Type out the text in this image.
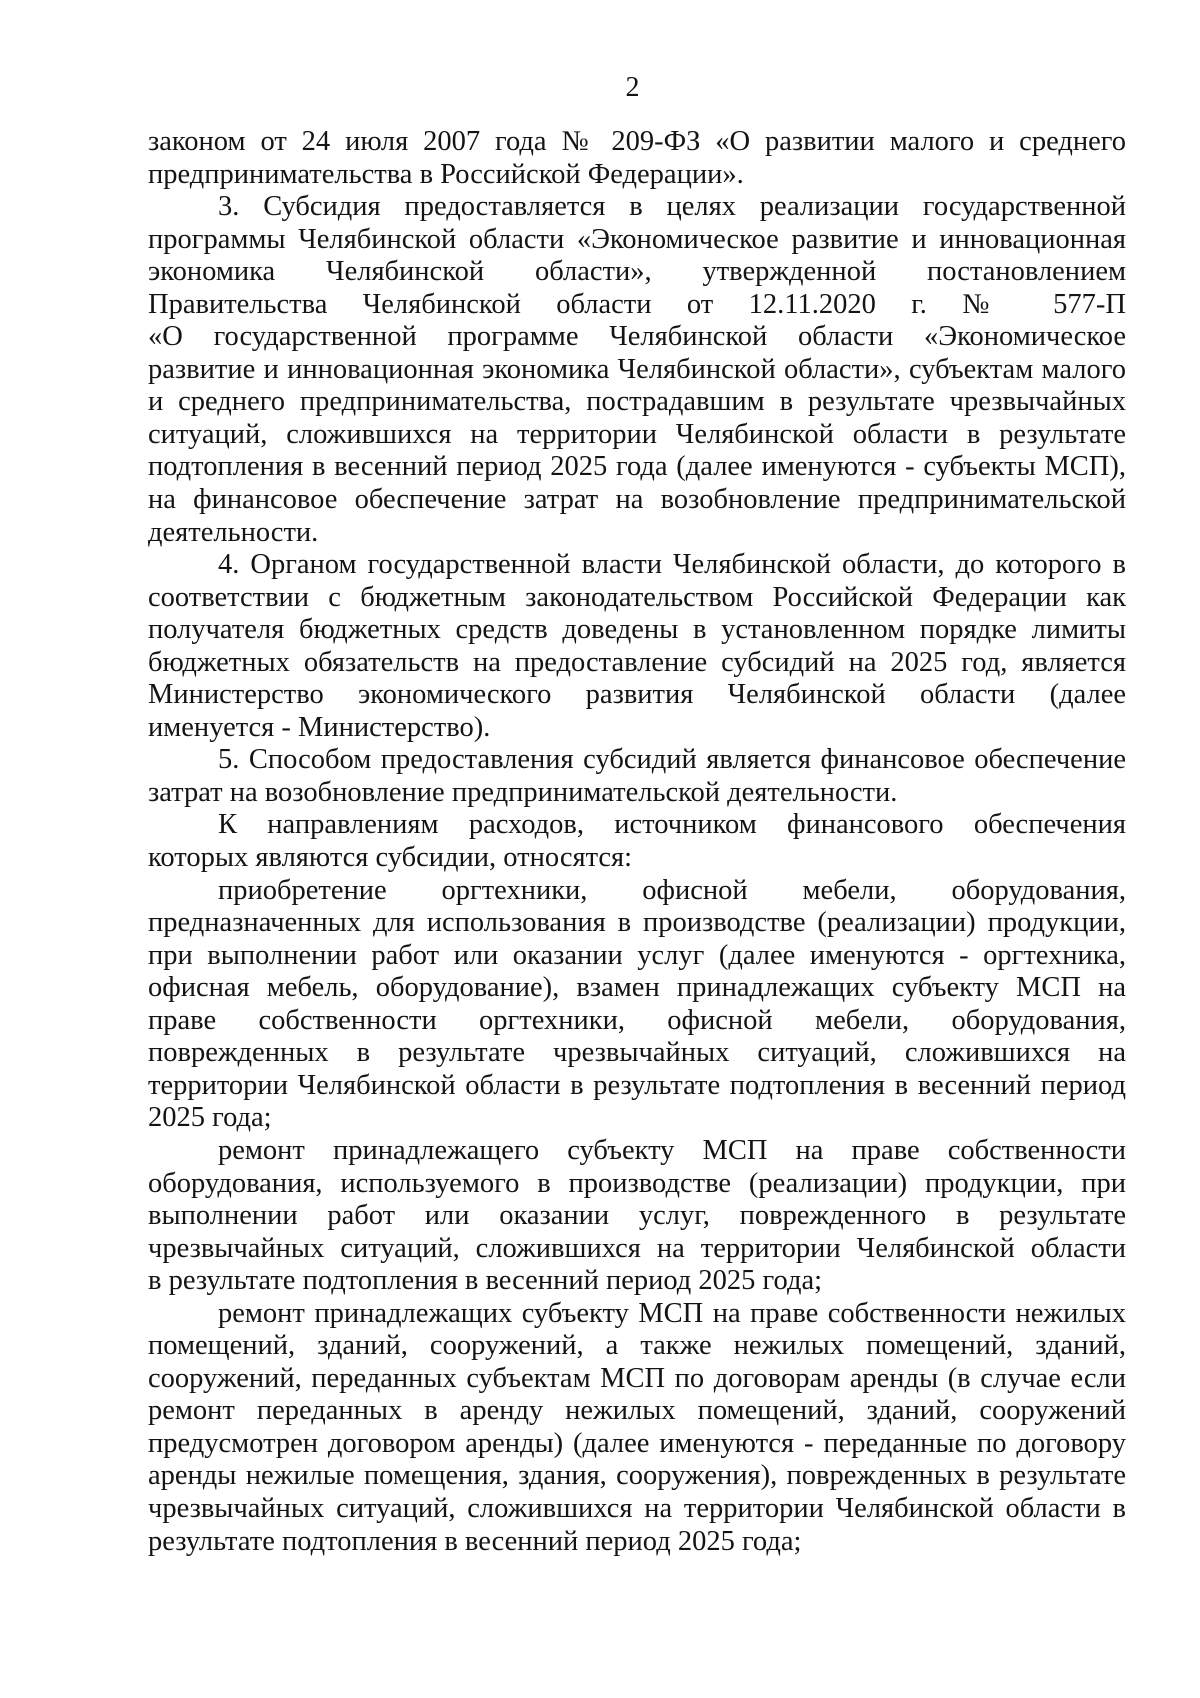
2
законом от 24 июля 2007 года № 209-ФЗ «О развитии малого и среднего
предпринимательства в Российской Федерации».
3. Субсидия предоставляется в целях реализации государственной
программы Челябинской области «Экономическое развитие и инновационная
экономика Челябинской области», утвержденной постановлением
Правительства Челябинской области от 12.11.2020 г. № 577-П
«О государственной программе Челябинской области «Экономическое
развитие и инновационная экономика Челябинской области», субъектам малого
и среднего предпринимательства, пострадавшим в результате чрезвычайных
ситуаций, сложившихся на территории Челябинской области в результате
подтопления в весенний период 2025 года (далее именуются - субъекты МСП),
на финансовое обеспечение затрат на возобновление предпринимательской
деятельности.
4. Органом государственной власти Челябинской области, до которого в
соответствии с бюджетным законодательством Российской Федерации как
получателя бюджетных средств доведены в установленном порядке лимиты
бюджетных обязательств на предоставление субсидий на 2025 год, является
Министерство экономического развития Челябинской области (далее
именуется - Министерство).
5. Способом предоставления субсидий является финансовое обеспечение
затрат на возобновление предпринимательской деятельности.
К направлениям расходов, источником финансового обеспечения
которых являются субсидии, относятся:
приобретение оргтехники, офисной мебели, оборудования,
предназначенных для использования в производстве (реализации) продукции,
при выполнении работ или оказании услуг (далее именуются - оргтехника,
офисная мебель, оборудование), взамен принадлежащих субъекту МСП на
праве собственности оргтехники, офисной мебели, оборудования,
поврежденных в результате чрезвычайных ситуаций, сложившихся на
территории Челябинской области в результате подтопления в весенний период
2025 года;
ремонт принадлежащего субъекту МСП на праве собственности
оборудования, используемого в производстве (реализации) продукции, при
выполнении работ или оказании услуг, поврежденного в результате
чрезвычайных ситуаций, сложившихся на территории Челябинской области
в результате подтопления в весенний период 2025 года;
ремонт принадлежащих субъекту МСП на праве собственности нежилых
помещений, зданий, сооружений, а также нежилых помещений, зданий,
сооружений, переданных субъектам МСП по договорам аренды (в случае если
ремонт переданных в аренду нежилых помещений, зданий, сооружений
предусмотрен договором аренды) (далее именуются - переданные по договору
аренды нежилые помещения, здания, сооружения), поврежденных в результате
чрезвычайных ситуаций, сложившихся на территории Челябинской области в
результате подтопления в весенний период 2025 года;
